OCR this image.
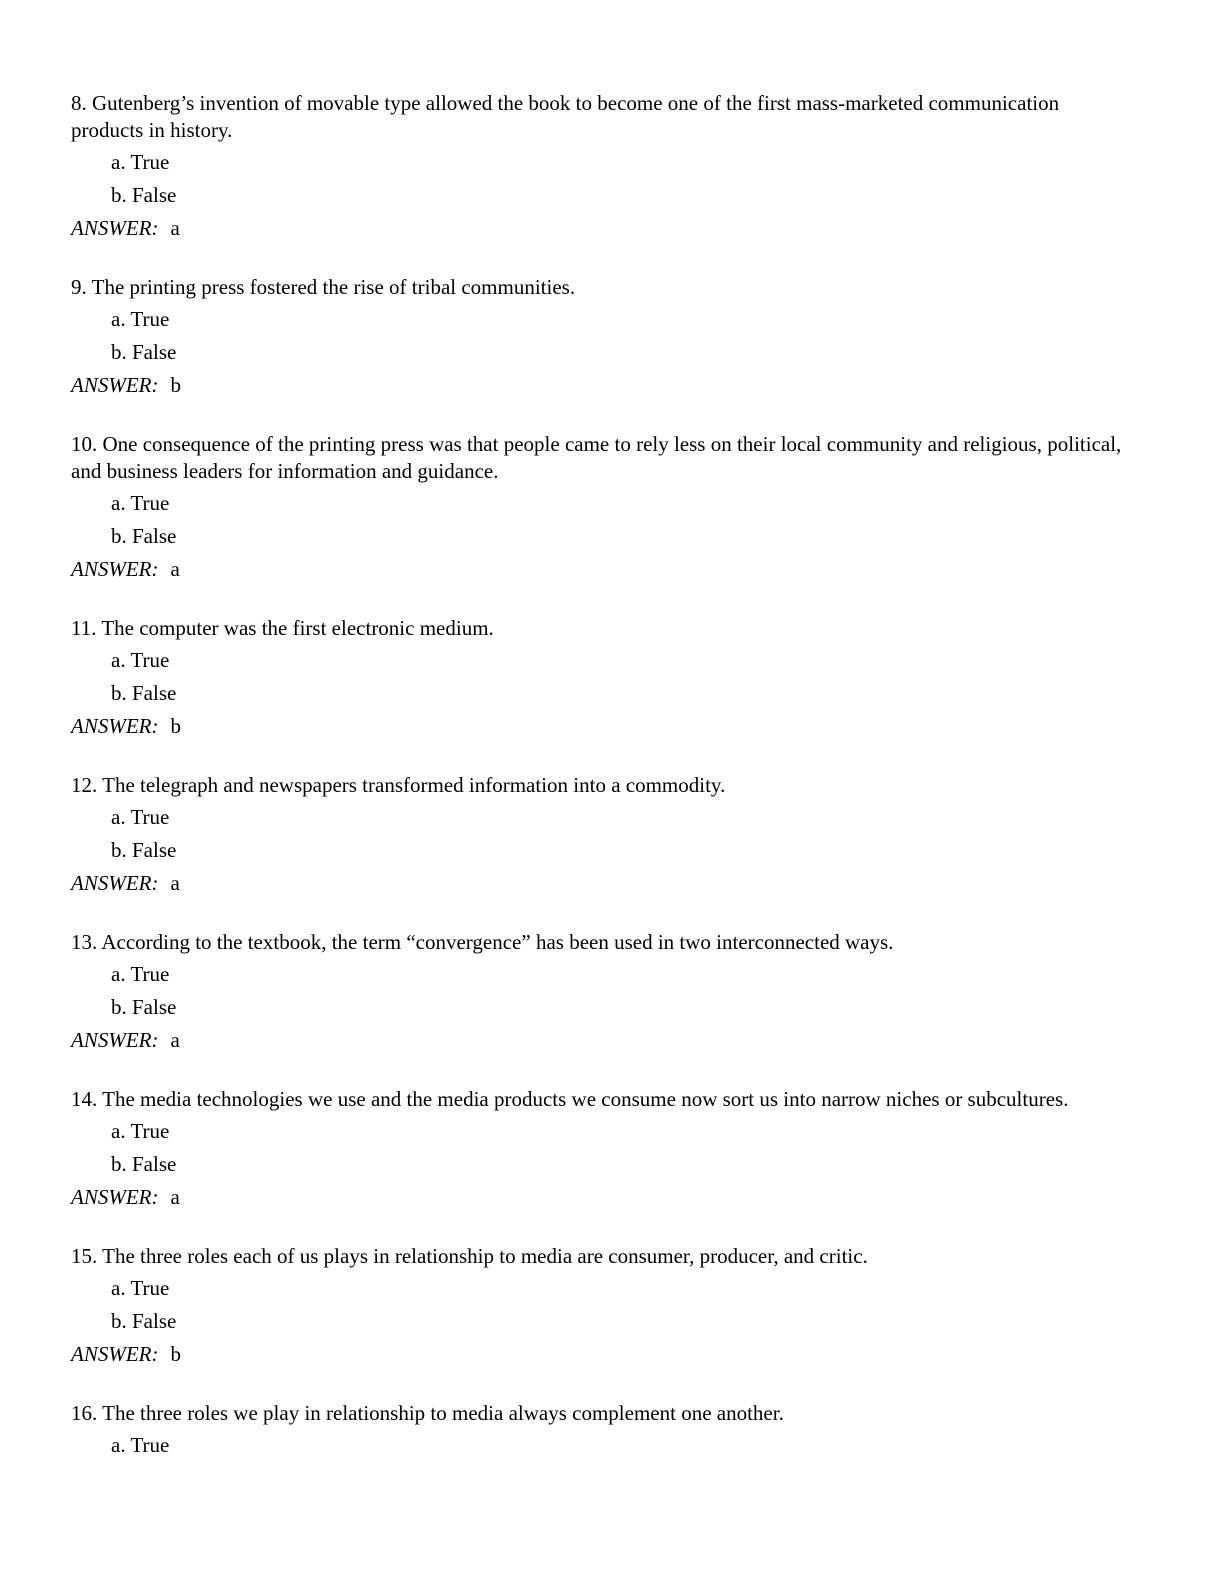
8. Gutenberg’s invention of movable type allowed the book to become one of the first mass-marketed communication products in history.

a. True
b. False
ANSWER: a

9. The printing press fostered the rise of tribal communities.

a. True
b. False
ANSWER: b

10. One consequence of the printing press was that people came to rely less on their local community and religious, political, and business leaders for information and guidance.

a. True
b. False
ANSWER: a

11. The computer was the first electronic medium.

a. True
b. False
ANSWER: b

12. The telegraph and newspapers transformed information into a commodity.

a. True
b. False
ANSWER: a

13. According to the textbook, the term “convergence” has been used in two interconnected ways.

a. True
b. False
ANSWER: a

14. The media technologies we use and the media products we consume now sort us into narrow niches or subcultures.

a. True
b. False
ANSWER: a

15. The three roles each of us plays in relationship to media are consumer, producer, and critic.

a. True
b. False
ANSWER: b

16. The three roles we play in relationship to media always complement one another.

a. True
